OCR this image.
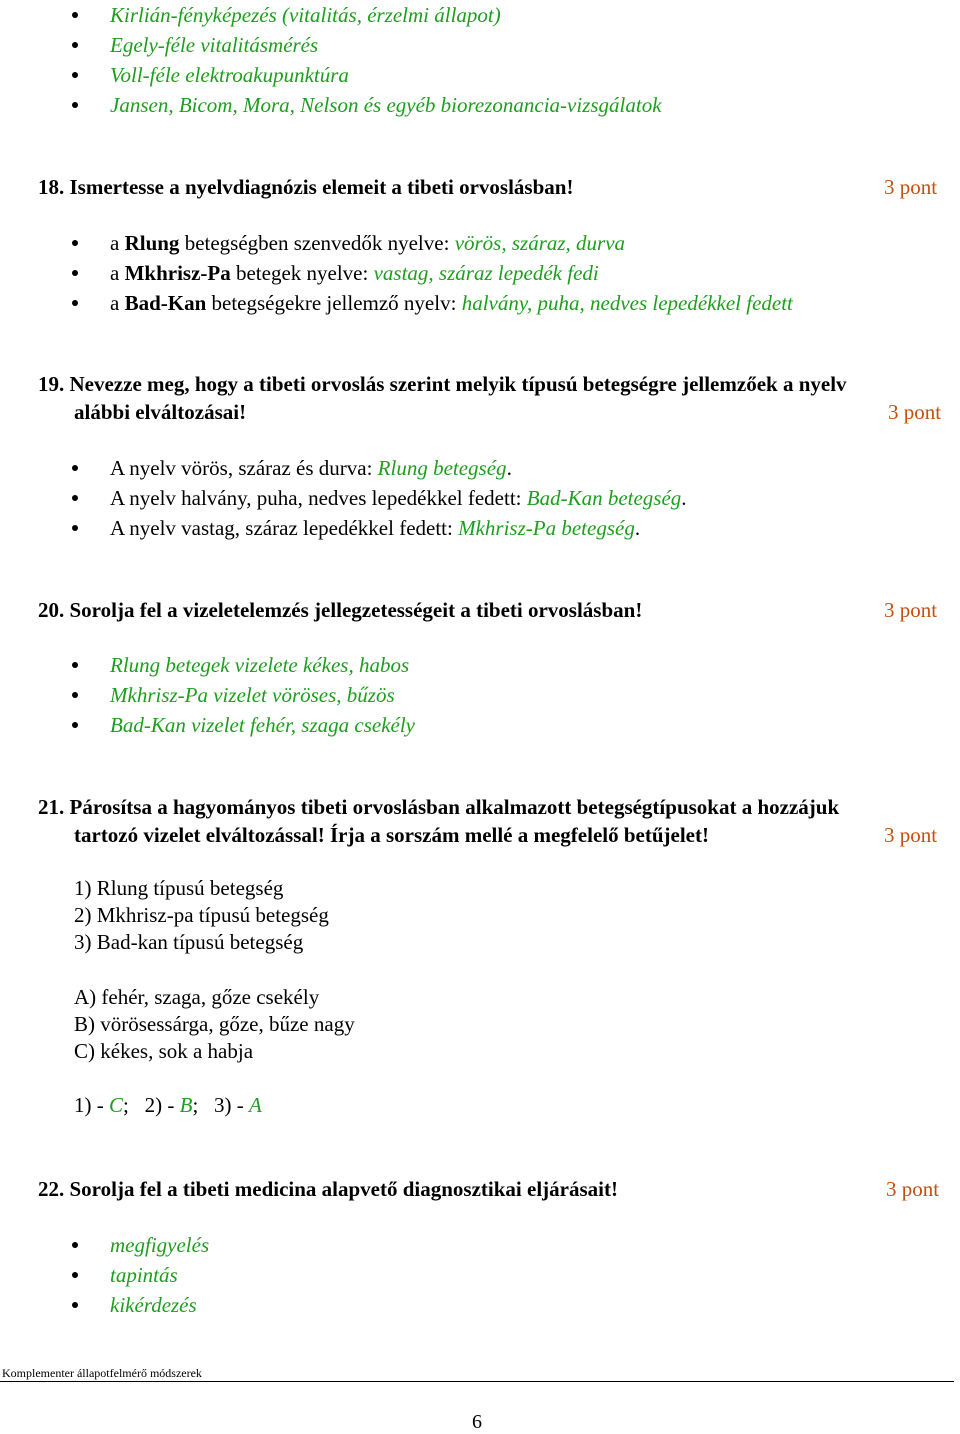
Kirlián-fényképezés (vitalitás, érzelmi állapot)
Egely-féle vitalitásmérés
Voll-féle elektroakupunktúra
Jansen, Bicom, Mora, Nelson és egyéb biorezonancia-vizsgálatok
18. Ismertesse a nyelvdiagnózis elemeit a tibeti orvoslásban!	3 pont
a Rlung betegségben szenvedők nyelve: vörös, száraz, durva
a Mkhrisz-Pa betegek nyelve: vastag, száraz lepedék fedi
a Bad-Kan betegségekre jellemző nyelv: halvány, puha, nedves lepedékkel fedett
19. Nevezze meg, hogy a tibeti orvoslás szerint melyik típusú betegségre jellemzőek a nyelv
alábbi elváltozásai!	3 pont
A nyelv vörös, száraz és durva: Rlung betegség.
A nyelv halvány, puha, nedves lepedékkel fedett: Bad-Kan betegség.
A nyelv vastag, száraz lepedékkel fedett: Mkhrisz-Pa betegség.
20. Sorolja fel a vizeletelemzés jellegzetességeit a tibeti orvoslásban!	3 pont
Rlung betegek vizelete kékes, habos
Mkhrisz-Pa vizelet vöröses, bűzös
Bad-Kan vizelet fehér, szaga csekély
21. Párosítsa a hagyományos tibeti orvoslásban alkalmazott betegségtípusokat a hozzájuk
tartozó vizelet elváltozással! Írja a sorszám mellé a megfelelő betűjelet!	3 pont
1) Rlung típusú betegség
2) Mkhrisz-pa típusú betegség
3) Bad-kan típusú betegség
A) fehér, szaga, gőze csekély
B) vörösessárga, gőze, bűze nagy
C) kékes, sok a habja
1) - C;   2) - B;   3) - A
22. Sorolja fel a tibeti medicina alapvető diagnosztikai eljárásait!	3 pont
megfigyelés
tapintás
kikérdezés
Komplementer állapotfelmérő módszerek
6
